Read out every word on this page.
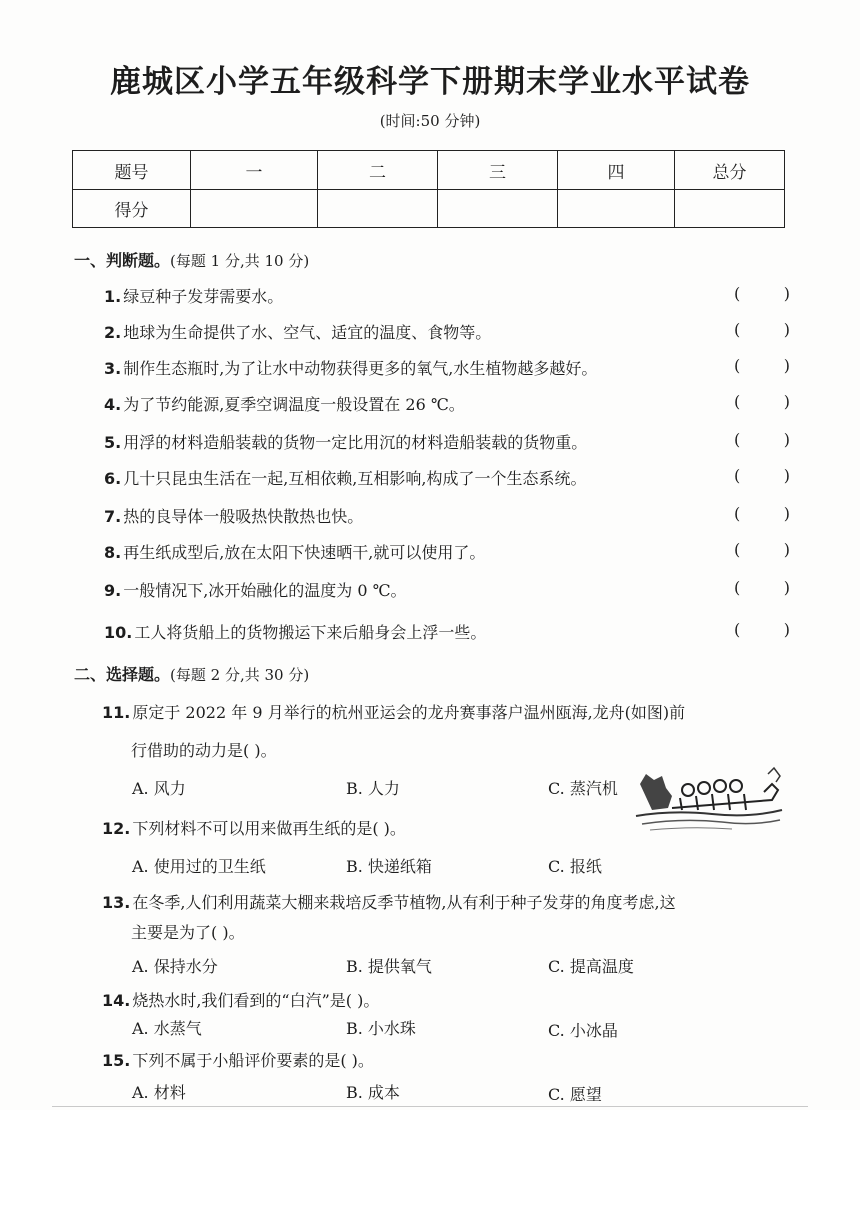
鹿城区小学五年级科学下册期末学业水平试卷
(时间:50 分钟)
题号	一	二	三	四	总分
得分					
一、判断题。(每题 1 分,共 10 分)
1. 绿豆种子发芽需要水。	(	)
2. 地球为生命提供了水、空气、适宜的温度、食物等。	(	)
3. 制作生态瓶时,为了让水中动物获得更多的氧气,水生植物越多越好。	(	)
4. 为了节约能源,夏季空调温度一般设置在 26 ℃。	(	)
5. 用浮的材料造船装载的货物一定比用沉的材料造船装载的货物重。	(	)
6. 几十只昆虫生活在一起,互相依赖,互相影响,构成了一个生态系统。	(	)
7. 热的良导体一般吸热快散热也快。	(	)
8. 再生纸成型后,放在太阳下快速晒干,就可以使用了。	(	)
9. 一般情况下,冰开始融化的温度为 0 ℃。	(	)
10. 工人将货船上的货物搬运下来后船身会上浮一些。	(	)
二、选择题。(每题 2 分,共 30 分)
11. 原定于 2022 年 9 月举行的杭州亚运会的龙舟赛事落户温州瓯海,龙舟(如图)前
行借助的动力是( )。
A. 风力	B. 人力	C. 蒸汽机
12. 下列材料不可以用来做再生纸的是( )。
A. 使用过的卫生纸	B. 快递纸箱	C. 报纸
13. 在冬季,人们利用蔬菜大棚来栽培反季节植物,从有利于种子发芽的角度考虑,这
主要是为了( )。
A. 保持水分	B. 提供氧气	C. 提高温度
14. 烧热水时,我们看到的“白汽”是( )。
A. 水蒸气	B. 小水珠	C. 小冰晶
15. 下列不属于小船评价要素的是( )。
A. 材料	B. 成本	C. 愿望
